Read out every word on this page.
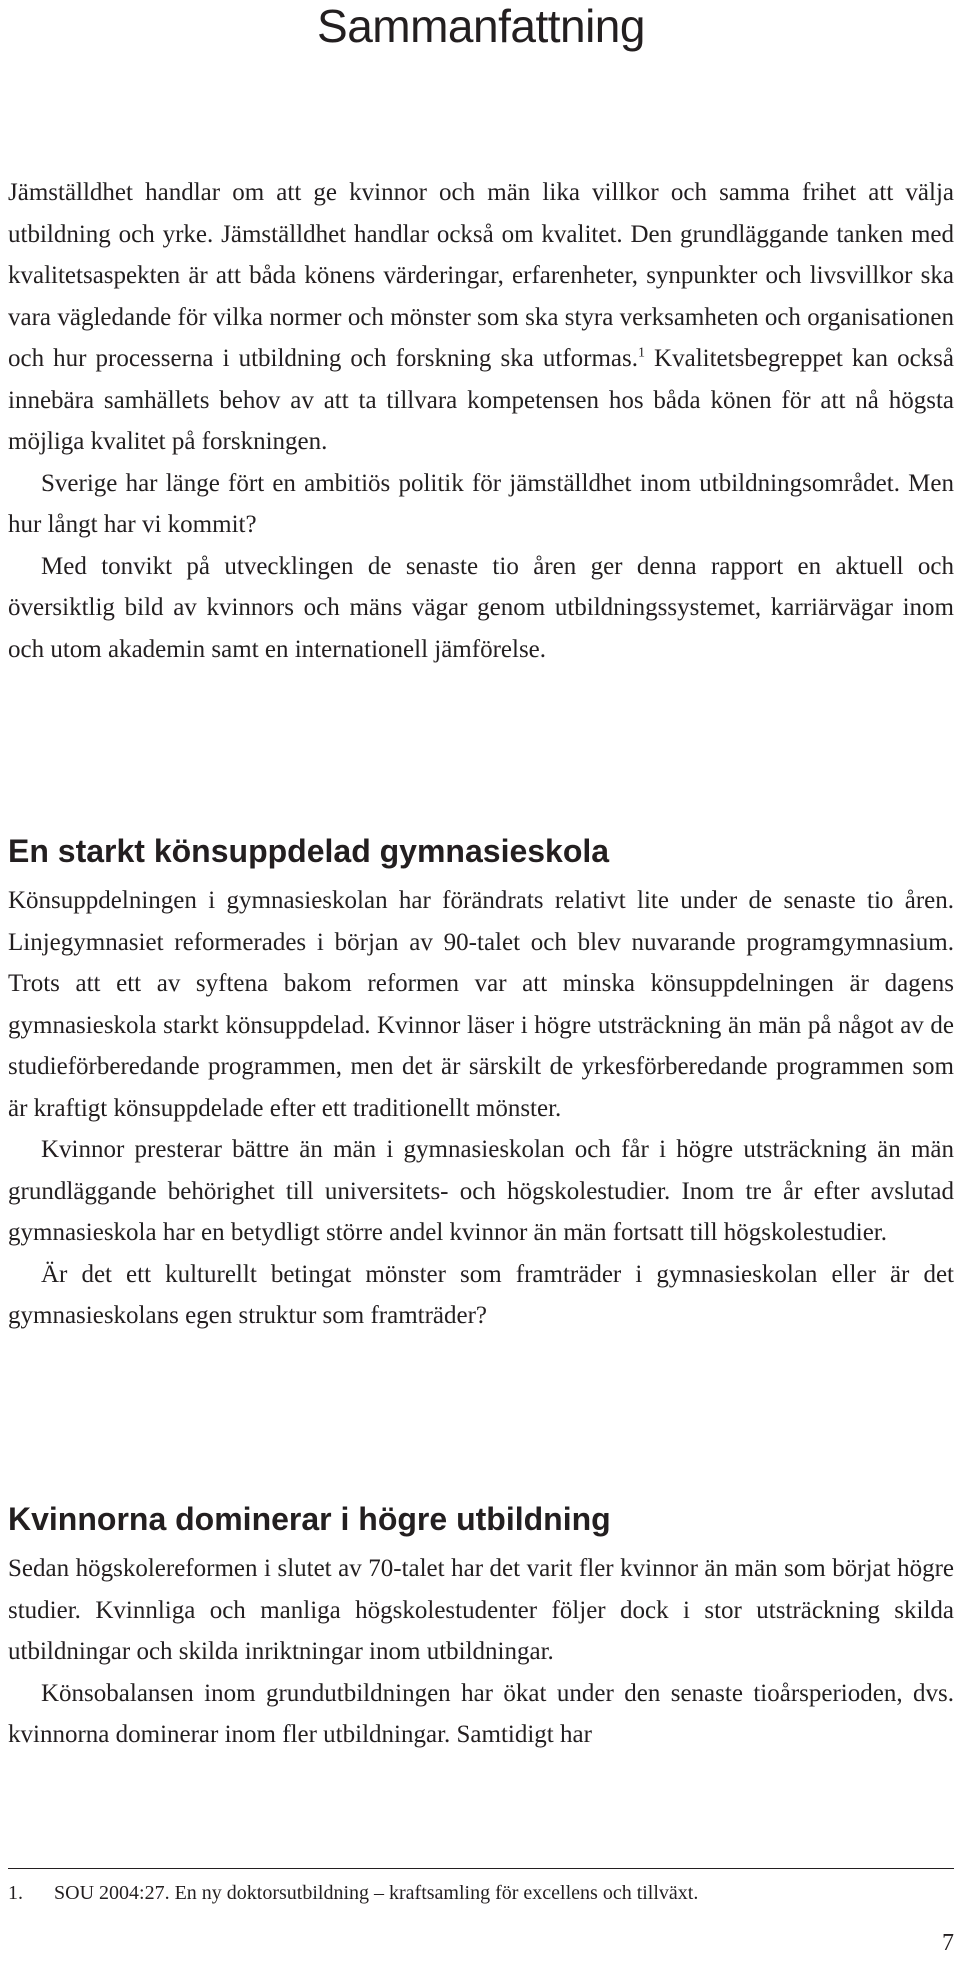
Sammanfattning

Jämställdhet handlar om att ge kvinnor och män lika villkor och samma frihet att välja utbildning och yrke. Jämställdhet handlar också om kvalitet. Den grundläggande tanken med kvalitetsaspekten är att båda könens värderingar, erfarenheter, synpunkter och livsvillkor ska vara vägledande för vilka normer och mönster som ska styra verksamheten och organisationen och hur processerna i utbildning och forskning ska utformas.$^1$ Kvalitetsbegreppet kan också innebära samhällets behov av att ta tillvara kompetensen hos båda könen för att nå högsta möjliga kvalitet på forskningen.

Sverige har länge fört en ambitiös politik för jämställdhet inom utbildningsområdet. Men hur långt har vi kommit?

Med tonvikt på utvecklingen de senaste tio åren ger denna rapport en aktuell och översiktlig bild av kvinnors och mäns vägar genom utbildningssystemet, karriärvägar inom och utom akademin samt en internationell jämförelse.

En starkt könsuppdelad gymnasieskola

Könsuppdelningen i gymnasieskolan har förändrats relativt lite under de senaste tio åren. Linjegymnasiet reformerades i början av 90-talet och blev nuvarande programgymnasium. Trots att ett av syftena bakom reformen var att minska könsuppdelningen är dagens gymnasieskola starkt könsuppdelad. Kvinnor läser i högre utsträckning än män på något av de studieförberedande programmen, men det är särskilt de yrkesförberedande programmen som är kraftigt könsuppdelade efter ett traditionellt mönster.

Kvinnor presterar bättre än män i gymnasieskolan och får i högre utsträckning än män grundläggande behörighet till universitets- och högskolestudier. Inom tre år efter avslutad gymnasieskola har en betydligt större andel kvinnor än män fortsatt till högskolestudier.

Är det ett kulturellt betingat mönster som framträder i gymnasieskolan eller är det gymnasieskolans egen struktur som framträder?

Kvinnorna dominerar i högre utbildning

Sedan högskolereformen i slutet av 70-talet har det varit fler kvinnor än män som börjat högre studier. Kvinnliga och manliga högskolestudenter följer dock i stor utsträckning skilda utbildningar och skilda inriktningar inom utbildningar.

Könsobalansen inom grundutbildningen har ökat under den senaste tioårsperioden, dvs. kvinnorna dominerar inom fler utbildningar. Samtidigt har

1. SOU 2004:27. En ny doktorsutbildning – kraftsamling för excellens och tillväxt.
7
